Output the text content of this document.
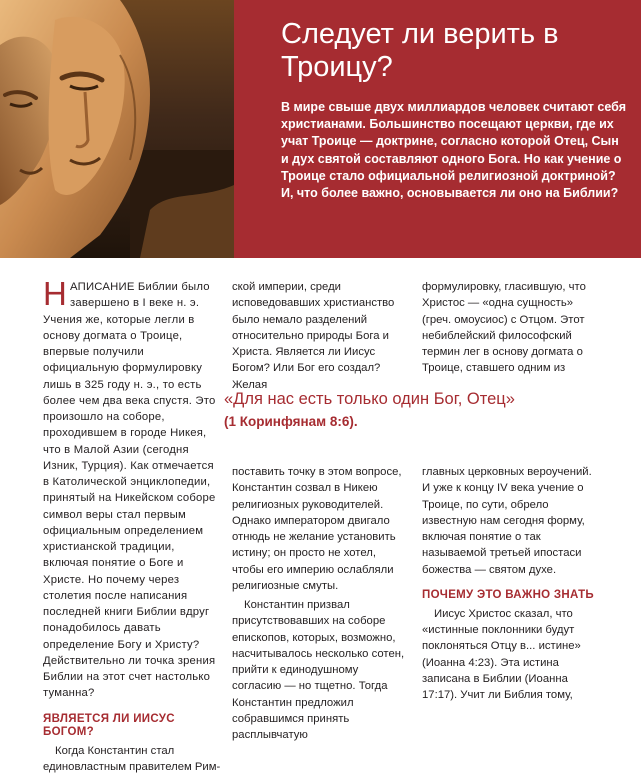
Следует ли верить в Троицу?

В мире свыше двух миллиардов человек считают себя христианами. Большинство посещают церкви, где их учат Троице — доктрине, согласно которой Отец, Сын и дух святой составляют одного Бога. Но как учение о Троице стало официальной религиозной доктриной? И, что более важно, основывается ли оно на Библии?

НАПИСАНИЕ Библии было завершено в I веке н. э. Учения же, которые легли в основу догмата о Троице, впервые получили официальную формулировку лишь в 325 году н. э., то есть более чем два века спустя. Это произошло на соборе, проходившем в городе Никея, что в Малой Азии (сегодня Изник, Турция). Как отмечается в Католической энциклопедии, принятый на Никейском соборе символ веры стал первым официальным определением христианской традиции, включая понятие о Боге и Христе. Но почему через столетия после написания последней книги Библии вдруг понадобилось давать определение Богу и Христу? Действительно ли точка зрения Библии на этот счет настолько туманна?

ЯВЛЯЕТСЯ ЛИ ИИСУС БОГОМ?

Когда Константин стал единовластным правителем Рим-

ской империи, среди исповедовавших христианство было немало разделений относительно природы Бога и Христа. Является ли Иисус Богом? Или Бог его создал? Желая

формулировку, гласившую, что Христос — «одна сущность» (греч. омоусиос) с Отцом. Этот небиблейский философский термин лег в основу догмата о Троице, ставшего одним из

«Для нас есть только один Бог, Отец»
(1 Коринфянам 8:6).

поставить точку в этом вопросе, Константин созвал в Никею религиозных руководителей. Однако императором двигало отнюдь не желание установить истину; он просто не хотел, чтобы его империю ослабляли религиозные смуты.

Константин призвал присутствовавших на соборе епископов, которых, возможно, насчитывалось несколько сотен, прийти к единодушному согласию — но тщетно. Тогда Константин предложил собравшимся принять расплывчатую

главных церковных вероучений. И уже к концу IV века учение о Троице, по сути, обрело известную нам сегодня форму, включая понятие о так называемой третьей ипостаси божества — святом духе.

ПОЧЕМУ ЭТО ВАЖНО ЗНАТЬ

Иисус Христос сказал, что «истинные поклонники будут поклоняться Отцу в... истине» (Иоанна 4:23). Эта истина записана в Библии (Иоанна 17:17). Учит ли Библия тому,
